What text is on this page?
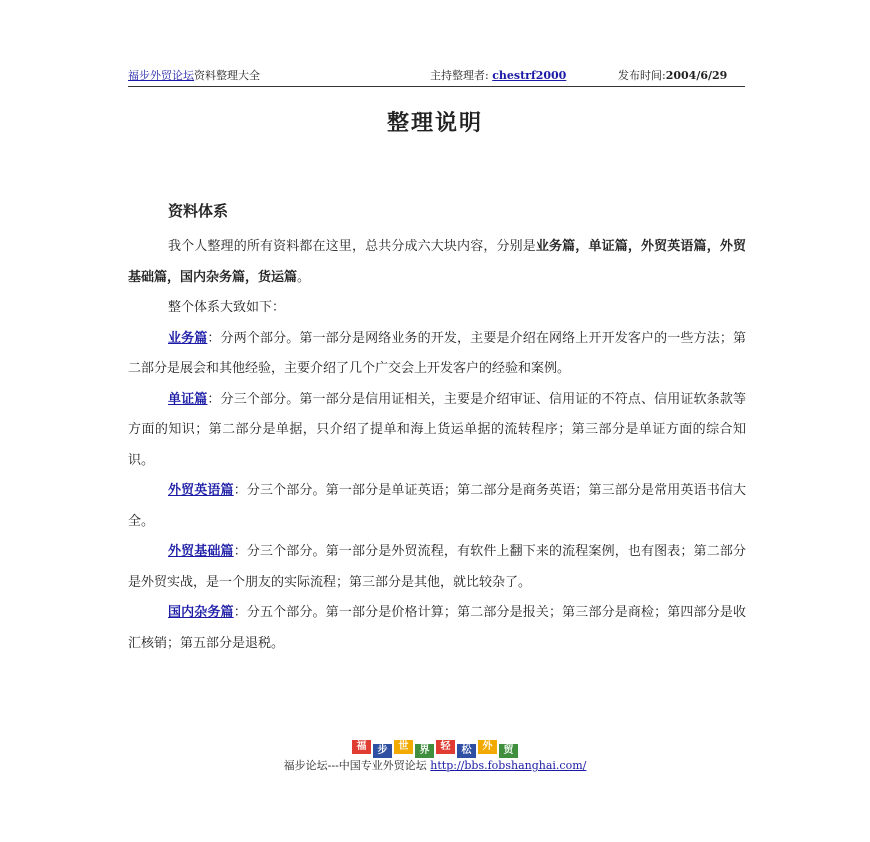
福步外贸论坛资料整理大全	主持整理者: chestrf2000	发布时间:2004/6/29
整理说明
资料体系

我个人整理的所有资料都在这里，总共分成六大块内容，分别是业务篇，单证篇，外贸英语篇，外贸基础篇，国内杂务篇，货运篇。

整个体系大致如下：

业务篇：分两个部分。第一部分是网络业务的开发，主要是介绍在网络上开开发客户的一些方法；第二部分是展会和其他经验，主要介绍了几个广交会上开发客户的经验和案例。

单证篇：分三个部分。第一部分是信用证相关，主要是介绍审证、信用证的不符点、信用证软条款等方面的知识；第二部分是单据，只介绍了提单和海上货运单据的流转程序；第三部分是单证方面的综合知识。

外贸英语篇：分三个部分。第一部分是单证英语；第二部分是商务英语；第三部分是常用英语书信大全。

外贸基础篇：分三个部分。第一部分是外贸流程，有软件上翻下来的流程案例，也有图表；第二部分是外贸实战，是一个朋友的实际流程；第三部分是其他，就比较杂了。

国内杂务篇：分五个部分。第一部分是价格计算；第二部分是报关；第三部分是商检；第四部分是收汇核销；第五部分是退税。

福 步 世 界 轻 松 外 贸
福步论坛---中国专业外贸论坛 http://bbs.fobshanghai.com/
